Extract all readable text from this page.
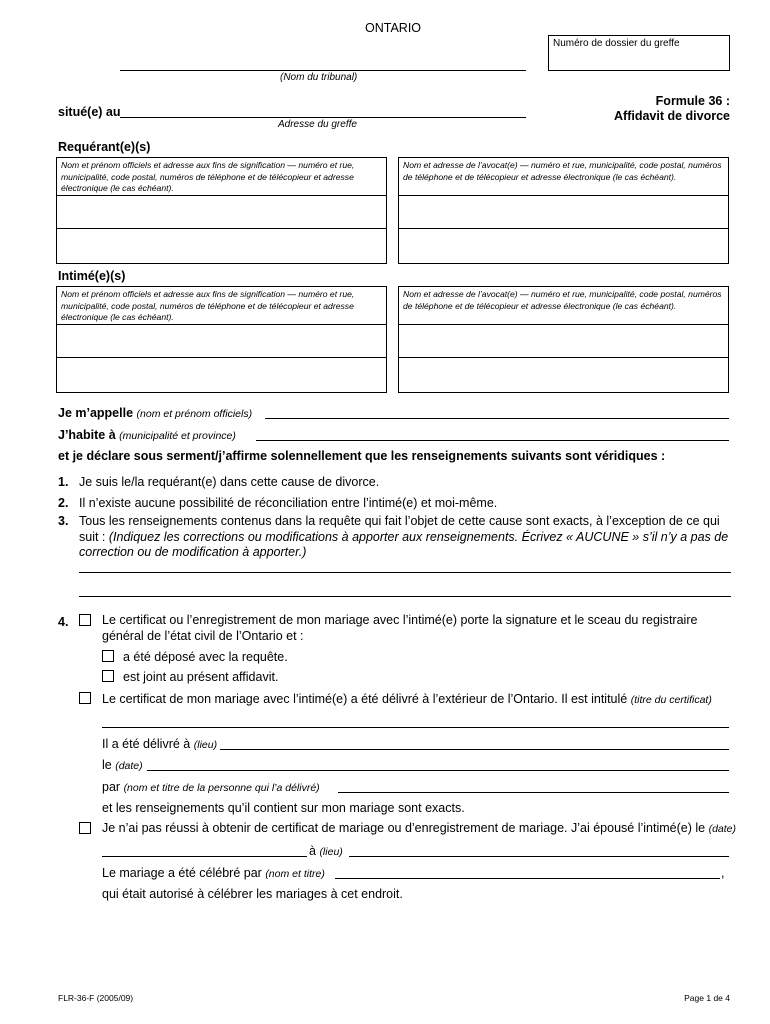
ONTARIO
Numéro de dossier du greffe
(Nom du tribunal)
situé(e) au
Adresse du greffe
Formule 36 :
Affidavit de divorce
Requérant(e)(s)
Nom et prénom officiels et adresse aux fins de signification — numéro et rue, municipalité, code postal, numéros de téléphone et de télécopieur et adresse électronique (le cas échéant).
Nom et adresse de l’avocat(e) — numéro et rue, municipalité, code postal, numéros de téléphone et de télécopieur et adresse électronique (le cas échéant).
Intimé(e)(s)
Nom et prénom officiels et adresse aux fins de signification — numéro et rue, municipalité, code postal, numéros de téléphone et de télécopieur et adresse électronique (le cas échéant).
Nom et adresse de l’avocat(e) — numéro et rue, municipalité, code postal, numéros de téléphone et de télécopieur et adresse électronique (le cas échéant).
Je m’appelle (nom et prénom officiels)
J’habite à (municipalité et province)
et je déclare sous serment/j’affirme solennellement que les renseignements suivants sont véridiques :
1. Je suis le/la requérant(e) dans cette cause de divorce.
2. Il n’existe aucune possibilité de réconciliation entre l’intimé(e) et moi-même.
3. Tous les renseignements contenus dans la requête qui fait l’objet de cette cause sont exacts, à l’exception de ce qui suit : (Indiquez les corrections ou modifications à apporter aux renseignements. Écrivez « AUCUNE » s’il n’y a pas de correction ou de modification à apporter.)
4.	Le certificat ou l’enregistrement de mon mariage avec l’intimé(e) porte la signature et le sceau du registraire général de l’état civil de l’Ontario et :
a été déposé avec la requête.
est joint au présent affidavit.
Le certificat de mon mariage avec l’intimé(e) a été délivré à l’extérieur de l’Ontario. Il est intitulé (titre du certificat)
Il a été délivré à (lieu)
le (date)
par (nom et titre de la personne qui l’a délivré)
et les renseignements qu’il contient sur mon mariage sont exacts.
Je n’ai pas réussi à obtenir de certificat de mariage ou d’enregistrement de mariage. J’ai épousé l’intimé(e) le (date)
à (lieu)
Le mariage a été célébré par (nom et titre)	,
qui était autorisé à célébrer les mariages à cet endroit.
FLR-36-F (2005/09)	Page 1 de 4
